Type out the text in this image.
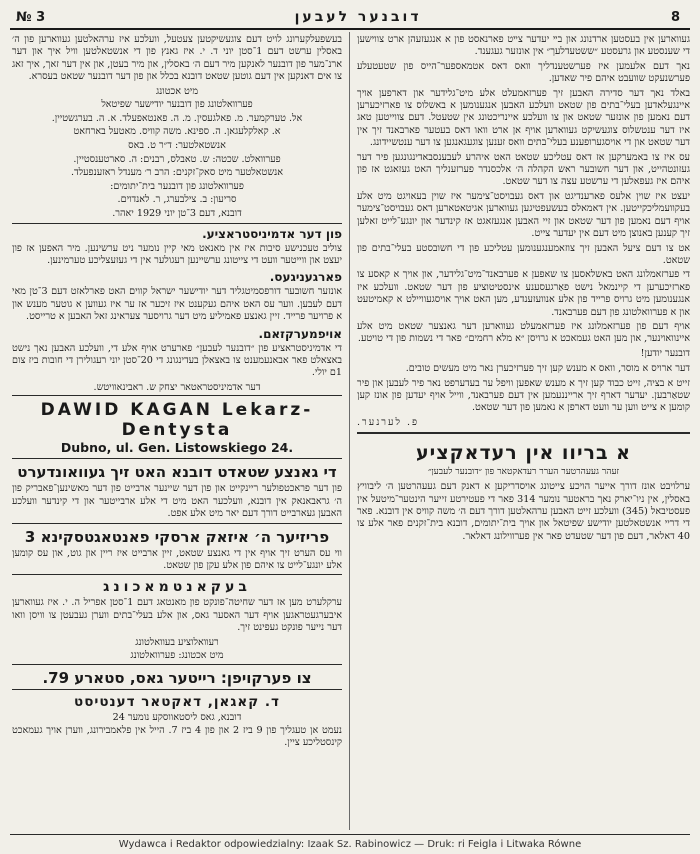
№ 3	דובנער לעבען	8

געווארען אין בעסטען ארדנונג און בײ יעדער צײט פארנאסט פון א אנגעזעהן ארט צווישען די שענסטע און גרעסטע ״ששטעדלעך״ אין אונזער געגענד.

נאך דעם אלעמען איז פערשטענדליך וואס דאס אטמאספער־הייס פון שטעטעלע פערשנעקט שוועבט איהם פיר שאדען.

באלד נאך דער סדירה האבען זיך פערזאמעלט אלע מיט־גלידער און דארפען אויך איינגעלאדען בעלי־בתים פון שטאט וועלכע האבען אנגענומען א באשלוס צו פארזיכערען דעם נאמען פון אונזער שטאט און צו וועלכע איינריכטונג אין שטעטל. דעם צווייטען טאג איז דער ענטשלוס צוגעשיקט געווארען אויף אן ארט וואו דאס בעטער פארבאנד זיך אין דער שטאט און די אויסגערופענע בעלי־בתים וואס זענען צוגעגאנגען צו דער ענטשיידונג.

עס איז צו באמערקען אז דאס עטליכע שטאט האט איהרע לעבענסבאדינגונגען פיר דער געזונטהייט, און דער חשובער ראש הקהלה ה׳ אלכסנדר פערזענליך האט געזאגט אז פון איהם איז געפאלען די ערשטע עצה צו דער שטאט.

יעצט איז שוין אלעס פארענדיגט און דאס געבויסט־צימער איז שוין בעאויגט מיט אלע בעקוועמליכקייטען. אין דאמאלס בעשעפטיגען געווארען אגיטאטארען דאס געבויסט־צימער אויף דעם נאמען פון דער שטאט און זיי האבען אנגעזאגט אז קינדער און יונגע־לייט זאלען זיך קענען באנוצן מיט דעם אין יעדער צייט.

אט צו דעם ציעל האבען זיך צוזאמענגענומען עטליכע פון די חשובסטע בעלי־בתים פון שטאט.

די פערזאמלונג האט באשלאסען צו שאפען א פערבאנד־מיט־גלידער, און אויך א קאסע צו פארזיכערען די קיינמאל נישט פאַרגעסענע אינסטיטוציע פון דער שטאט. וועלכע איז אנגענומען מיט גרויס פרייד פון אלע אנוועזענדע, מען האט אויך אויסגעוויילט א קאמיטעט און א פערוואלטונג פון דעם פערבאנד.

אויף דעם פון פערזאמלונג איז פערזאמעלט געווארען דער גאנצער שטאט מיט אלע איינוואוינער, און מען האט געמאכט א גרויסן ״א מלא רחמים״ פאר די נשמות פון די טויטע.

דובנער יודען!

דער ארויס א מוסר, וואס א מענש קען זיך פערזיכערן נאר מיט מעשים טובים.

זייט א בציה, זייט כבוד קען זיך א מענש שאפען וויפל ער בעדערפט נאר פיר לעבען און פיר שטאַרבען. יעדער דארף זיך ארייננעמען אין דעם פערבאנד, ווייל אויף יעדען פון אונז קען קומען א צייט ווען ער וועט דארפן א נאמען פון דער שטאט.

פ. לערנער.

א בריוו אין רעדאקציע
זעהר געעהרטער הערר רעדאקטאר פון ״דובנער לעבען״

ערלויבט אונז דורך אייער הויכע צייטונג אויסדריקען א דאנק דעם געעהרטען ה׳ ליבוויץ באסלין, אין ניו־יארק נאך בראטער נומער 314 פאר די פעטירטע זייער הינטער־מיטעל אין פעסטיבאל (345) וועלכע זייט האבען ערהאלטען דורך דעם ה׳ משה קוויס אין דובנא. פאר די דריי אנשטאלטען יודישע שפיטאל און אויך בית־יתומים, דובנא בית־זקנים פאר אלע צו 40 דאלאר, דעם פון דער שטעדט פאר אין פערווילונג דאלאר.

בעשפעלקערונג לויט דעם צוגעשיקטען צעטעל, וועלכע איז ערהאלטען געווארען פון ה׳ באסלין ערשט דעם 1־סטן יוני ד. י. איז גאנץ פון די אנשטאלטען וויל איך און דער ארנ־מער פון דובנער לאנקען מיר דעם ה׳ באסלין, און מיר בעטן, און אין דער זאך, איך זאג צו אים דאנקען אין דעם גוטען שטאט דובנא בכלל און פון דער דובנער שטאט בעסרא.

מיט אכטונג

פערוואלטונג פון דובנער יודישער שפיטאל

אל. טערקמער. מ. פאלגעסין. מ. ה. פאנטאפעלד. א. ה. בערגשטיין.

א. קאלקלעגאן. ה. ספינא. משה קוויס. מאטעל בארחאט

אנשטאלטער: ד״ר ט. באס

פערוואלט. שכטה: ש. טאבלס, רבנים: ה. סארטענסטיין.

אנשטאלטער מיט סאק־זקנים: הרב ר׳ מענדל ראזענפעלד.

פערוואלטונג פון דובנער בית־יתומים:

סריעון: ב. צילבערג, ר. לאנדוים.

דובנא, דעם 3־טן יוני 1929 יאהר.

פון דער אדמיניסטראציע.

צוליב טעכנישע סיבות איז אין מאנאט מאי קיין נומער ניט ערשינען. מיר האפען אז פון יעצט און ווייטער וועט די צייטונג ערשיינען רעגולער אין די געזעצליכע טערמינען.

פארגעניגעס.

אונזער חשובער דורפסמיטגליד דער יודישער ישראל קווים האט פארלאזט דעם 3־טן מאי דעם לעבען. ווער עס האט איהם געקענט איז זיכער אז ער איז געווען א גוטער מענש און א פרויער פרייד. זיין גאנצע פאמיליע מיט דער גרויסער צעראינג זאל האבען א טרייסט.

אויפמערקזאם.

די אדמיניסטראציע פון ״דובנער לעבען״ פארערט אויף אלע די, וועלכע האבען נאך נישט באצאלט פאר אבאנעמענט צו באצאלן בעדינגונג די 20־סטן יוני רעגולירן די חובות ביז צום 1ם יולי.

דער אדמיניסטראטאר יצחק ש. ראבינאוויטש.

DAWID KAGAN Lekarz-Dentysta
Dubno, ul. Gen. Listowskiego 24.
די גאנצע שטאדט דובנא האט זיך געוואונדערט

פון דער פראכטפולער ריינקייט און פון דער שיינער ארבייט פון דער מאשינען־פאבריק פון ה׳ גראבאנאק אין דובנא, וועלכער האט מיט די אלע ארבייטער און די קינדער וועלכע האבען געארבייט דורך דעם יאר מיט אלע אפט.

פריזיער ה׳ איזאק ארסקי פאנטאגטסקינא 3

ווי עס הערט זיך אויף אין די גאנצע שטאט, זיין ארבייט איז ריין און גוט, און עס קומען אלע יונגע־לייט צו איהם פון אלע עקן פון שטאט.

בעקאנטמאכונג

ערקלערט מען אז דער שחיטה־פונקט פון מאנטאג דעם 1־סטן אפריל ה. י. איז געווארען איבערגעטראגען אויף דער האסער גאס, און אלע בעלי־בתים ווערן געבעטן צו וויסן וואו דער נייער פונקט געפינט זיך.

רעוואלוציע בעוואלטונג

מיט אכטונג: פערוואלטונג

צו פערקויפן: רייטער גאס, סטארע 79.
ד. קאגאן, דאקטאר דענטיסט

דובנא, גאס ליסטאווסקע נומער 24

נעמט אן טעגליך פון 9 ביז 2 און פון 4 ביז 7. הייל אין פלאמבירונג, ווערן אויך געמאכט קינסטליכע ציין.

Wydawca i Redaktor odpowiedzialny: Izaak Sz. Rabinowicz — Druk: ri Feigla i Litwaka Równe
